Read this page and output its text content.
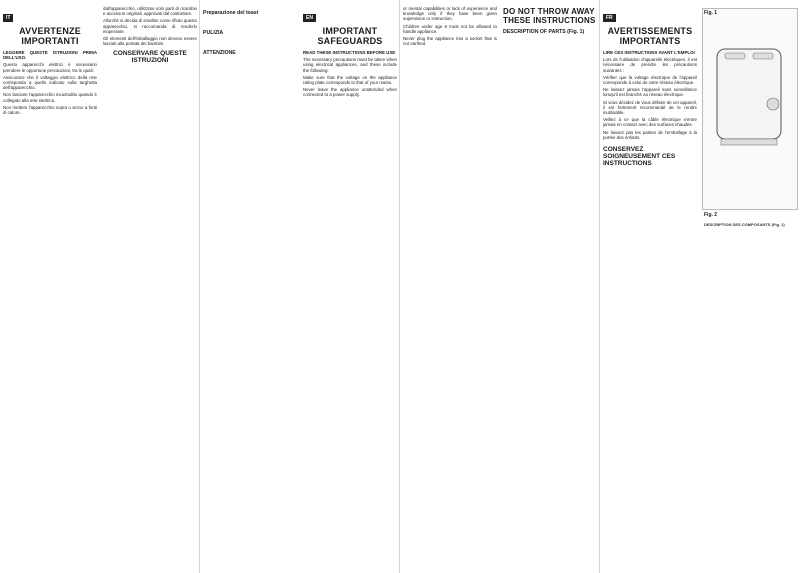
IT
AVVERTENZE
IMPORTANTI

LEGGERE QUESTE ISTRUZIONI PRIMA DELL'USO.

Questo apparecchi elettrici è necessario prendere le opportune precauzioni, tra le quali:

Assicurarsi che il voltaggio elettrico della rete corrisponda a quello indicato sulla targhetta dell'apparecchio.

Non lasciare l'apparecchio incustodito quando è collegato alla rete elettrica.

Non mettere l'apparecchio sopra o vicino a fonti di calore.

dall'apparecchio, utilizzare solo parti di ricambio e accessori originali, approvati dal costruttore.

Allorché si decida di smaltire come rifiuto questo apparecchio, si raccomanda di renderlo inoperante.

Gli elementi dell'imballaggio non devono essere lasciati alla portata dei bambini.

CONSERVARE QUESTE ISTRUZIONI
Preparazione del toast
PULIZIA
ATTENZIONE
EN
IMPORTANT
SAFEGUARDS

READ THESE INSTRUCTIONS BEFORE USE

The necessary precautions must be taken when using electrical appliances, and these include the following:

Make sure that the voltage on the appliance rating plate corresponds to that of your mains.

Never leave the appliance unattended when connected to a power supply.

or mental capabilities or lack of experience and knowledge only if they have been given supervision or instruction.

Children under age 8 must not be allowed to handle appliance.

Never plug the appliance into a socket that is not earthed.

DO NOT THROW AWAY THESE INSTRUCTIONS
DESCRIPTION OF PARTS (Fig. 1)
FR
AVERTISSEMENTS
IMPORTANTS

LIRE CES INSTRUCTIONS AVANT L'EMPLOI

Lors de l'utilisation d'appareils électriques, il est nécessaire de prendre les précautions suivantes :

Vérifier que la voltage électrique de l'appareil corresponde à celui de votre réseau électrique.

Ne laissez jamais l'appareil sans surveillance lorsqu'il est branché au réseau électrique.

Si vous décidez de vous défaire de cet appareil, il est fortement recommandé de le rendre inutilisable.

Veillez à ce que la câble électrique n'entre jamais en contact avec des surfaces chaudes.

Ne laissez pas les parties de l'emballage à la portée des enfants.

CONSERVEZ SOIGNEUSEMENT CES INSTRUCTIONS
Fig. 1
Fig. 2
DESCRIPTION DES COMPOSANTS (Fig. 1)
